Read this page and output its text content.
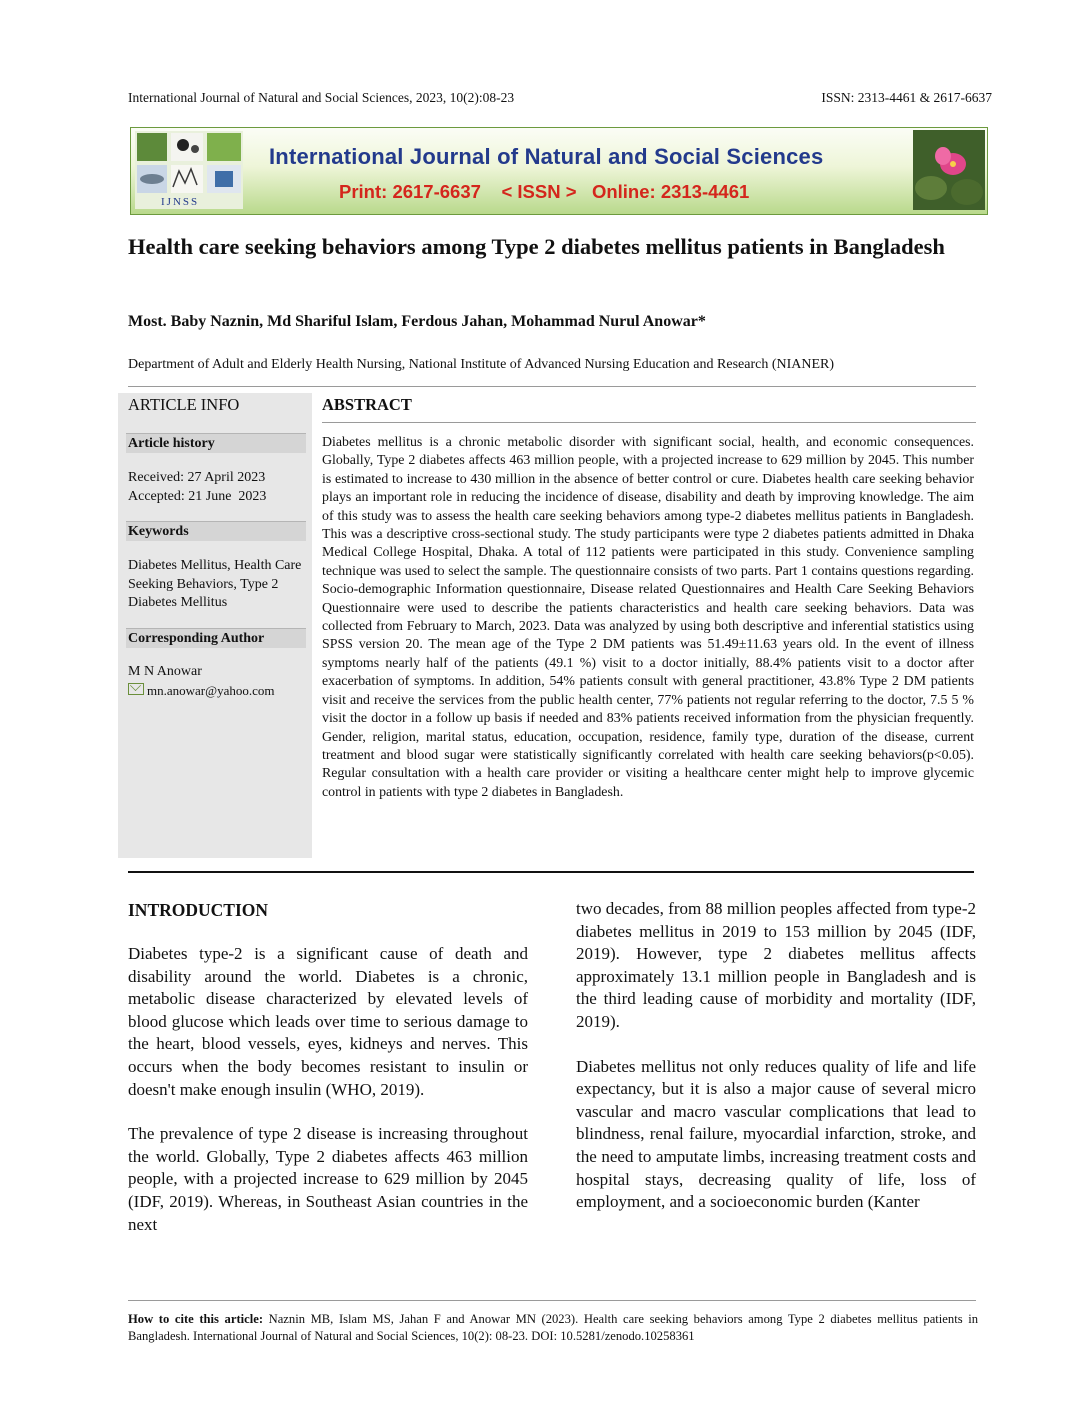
International Journal of Natural and Social Sciences, 2023, 10(2):08-23	ISSN: 2313-4461 & 2617-6637
IJNSS
International Journal of Natural and Social Sciences
Print: 2617-6637    < ISSN >   Online: 2313-4461
Health care seeking behaviors among Type 2 diabetes mellitus patients in Bangladesh
Most. Baby Naznin, Md Shariful Islam, Ferdous Jahan, Mohammad Nurul Anowar*
Department of Adult and Elderly Health Nursing, National Institute of Advanced Nursing Education and Research (NIANER)
ARTICLE INFO
Article history
Received: 27 April 2023
Accepted: 21 June  2023
Keywords
Diabetes Mellitus, Health Care Seeking Behaviors, Type 2 Diabetes Mellitus
Corresponding Author
M N Anowar
mn.anowar@yahoo.com
ABSTRACT
Diabetes mellitus is a chronic metabolic disorder with significant social, health, and economic consequences. Globally, Type 2 diabetes affects 463 million people, with a projected increase to 629 million by 2045. This number is estimated to increase to 430 million in the absence of better control or cure. Diabetes health care seeking behavior plays an important role in reducing the incidence of disease, disability and death by improving knowledge. The aim of this study was to assess the health care seeking behaviors among type-2 diabetes mellitus patients in Bangladesh. This was a descriptive cross-sectional study. The study participants were type 2 diabetes patients admitted in Dhaka Medical College Hospital, Dhaka. A total of 112 patients were participated in this study. Convenience sampling technique was used to select the sample. The questionnaire consists of two parts. Part 1 contains questions regarding. Socio-demographic Information questionnaire, Disease related Questionnaires and Health Care Seeking Behaviors Questionnaire were used to describe the patients characteristics and health care seeking behaviors. Data was collected from February to March, 2023. Data was analyzed by using both descriptive and inferential statistics using SPSS version 20. The mean age of the Type 2 DM patients was 51.49±11.63 years old. In the event of illness symptoms nearly half of the patients (49.1 %) visit to a doctor initially, 88.4% patients visit to a doctor after exacerbation of symptoms. In addition, 54% patients consult with general practitioner, 43.8% Type 2 DM patients visit and receive the services from the public health center, 77% patients not regular referring to the doctor, 7.5 5 % visit the doctor in a follow up basis if needed and 83% patients received information from the physician frequently. Gender, religion, marital status, education, occupation, residence, family type, duration of the disease, current treatment and blood sugar were statistically significantly correlated with health care seeking behaviors(p<0.05). Regular consultation with a health care provider or visiting a healthcare center might help to improve glycemic control in patients with type 2 diabetes in Bangladesh.
INTRODUCTION

Diabetes type-2 is a significant cause of death and disability around the world. Diabetes is a chronic, metabolic disease characterized by elevated levels of blood glucose which leads over time to serious damage to the heart, blood vessels, eyes, kidneys and nerves. This occurs when the body becomes resistant to insulin or doesn't make enough insulin (WHO, 2019).

The prevalence of type 2 disease is increasing throughout the world. Globally, Type 2 diabetes affects 463 million people, with a projected increase to 629 million by 2045 (IDF, 2019). Whereas, in Southeast Asian countries in the next

two decades, from 88 million peoples affected from type-2 diabetes mellitus in 2019 to 153 million by 2045 (IDF, 2019). However, type 2 diabetes mellitus affects approximately 13.1 million people in Bangladesh and is the third leading cause of morbidity and mortality (IDF, 2019).

Diabetes mellitus not only reduces quality of life and life expectancy, but it is also a major cause of several micro vascular and macro vascular complications that lead to blindness, renal failure, myocardial infarction, stroke, and the need to amputate limbs, increasing treatment costs and hospital stays, decreasing quality of life, loss of employment, and a socioeconomic burden (Kanter

How to cite this article: Naznin MB, Islam MS, Jahan F and Anowar MN (2023). Health care seeking behaviors among Type 2 diabetes mellitus patients in Bangladesh. International Journal of Natural and Social Sciences, 10(2): 08-23. DOI: 10.5281/zenodo.10258361
